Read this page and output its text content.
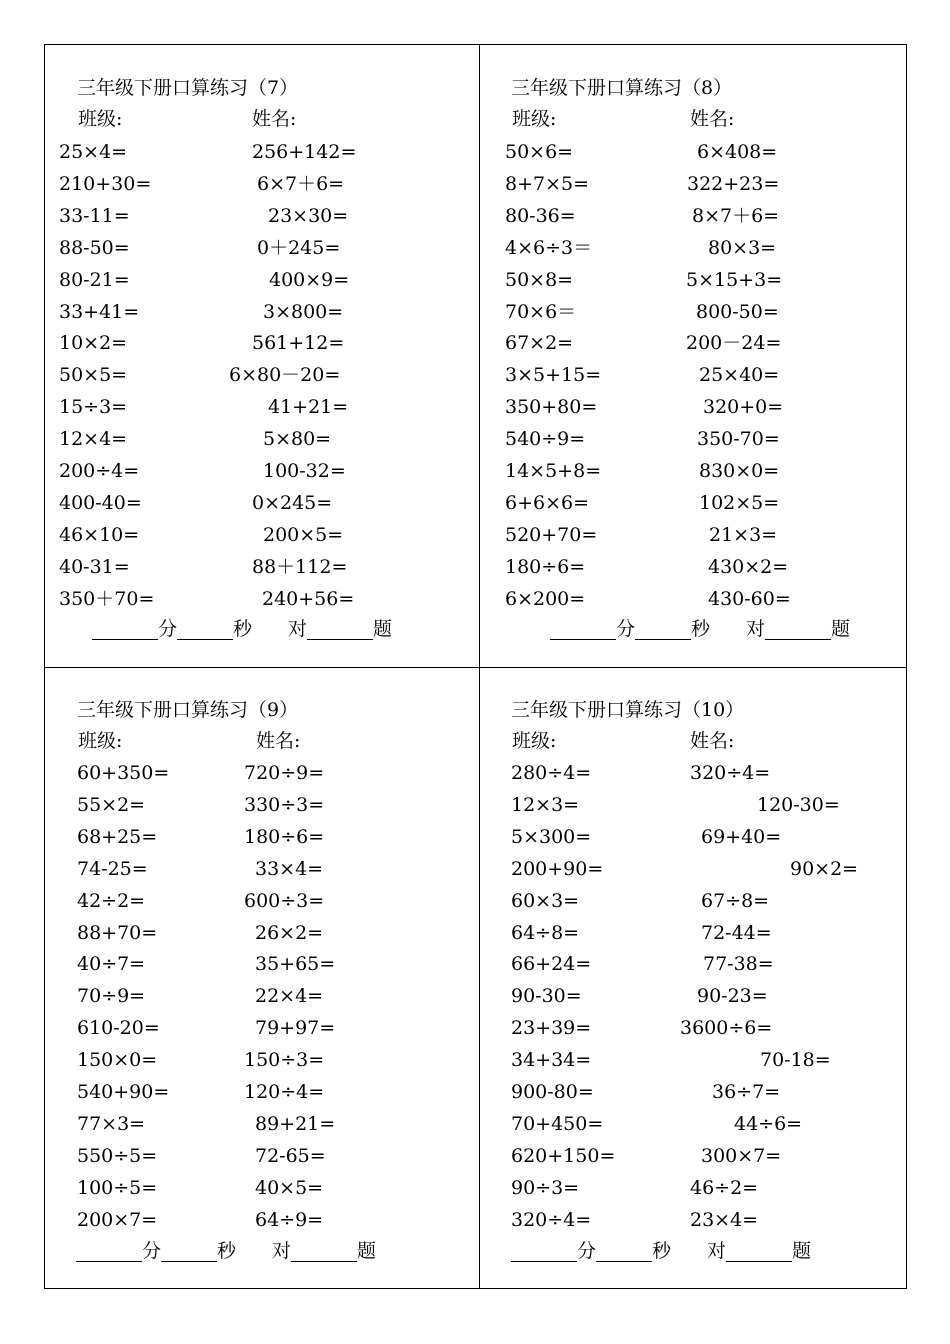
三年级下册口算练习（7）
班级:	姓名:
25×4=	256+142=
210+30=	6×7＋6=
33-11=	23×30=
88-50=	0＋245=
80-21=	400×9=
33+41=	3×800=
10×2=	561+12=
50×5=	6×80－20=
15÷3=	41+21=
12×4=	5×80=
200÷4=	100-32=
400-40=	0×245=
46×10=	200×5=
40-31=	88＋112=
350＋70=	240+56=
分	秒 对	题
三年级下册口算练习（8）
班级:	姓名:
50×6=	6×408=
8+7×5=	322+23=
80-36=	8×7＋6=
4×6÷3＝	80×3=
50×8=	5×15+3=
70×6＝	800-50=
67×2=	200－24=
3×5+15=	25×40=
350+80=	320+0=
540÷9=	350-70=
14×5+8=	830×0=
6+6×6=	102×5=
520+70=	21×3=
180÷6=	430×2=
6×200=	430-60=
分	秒 对	题
三年级下册口算练习（9）
班级:	姓名:
60+350=	720÷9=
55×2=	330÷3=
68+25=	180÷6=
74-25=	33×4=
42÷2=	600÷3=
88+70=	26×2=
40÷7=	35+65=
70÷9=	22×4=
610-20=	79+97=
150×0=	150÷3=
540+90=	120÷4=
77×3=	89+21=
550÷5=	72-65=
100÷5=	40×5=
200×7=	64÷9=
分	秒 对	题
三年级下册口算练习（10）
班级:	姓名:
280÷4=	320÷4=
12×3=	120-30=
5×300=	69+40=
200+90=	90×2=
60×3=	67÷8=
64÷8=	72-44=
66+24=	77-38=
90-30=	90-23=
23+39=	3600÷6=
34+34=	70-18=
900-80=	36÷7=
70+450=	44÷6=
620+150=	300×7=
90÷3=	46÷2=
320÷4=	23×4=
分	秒 对	题
